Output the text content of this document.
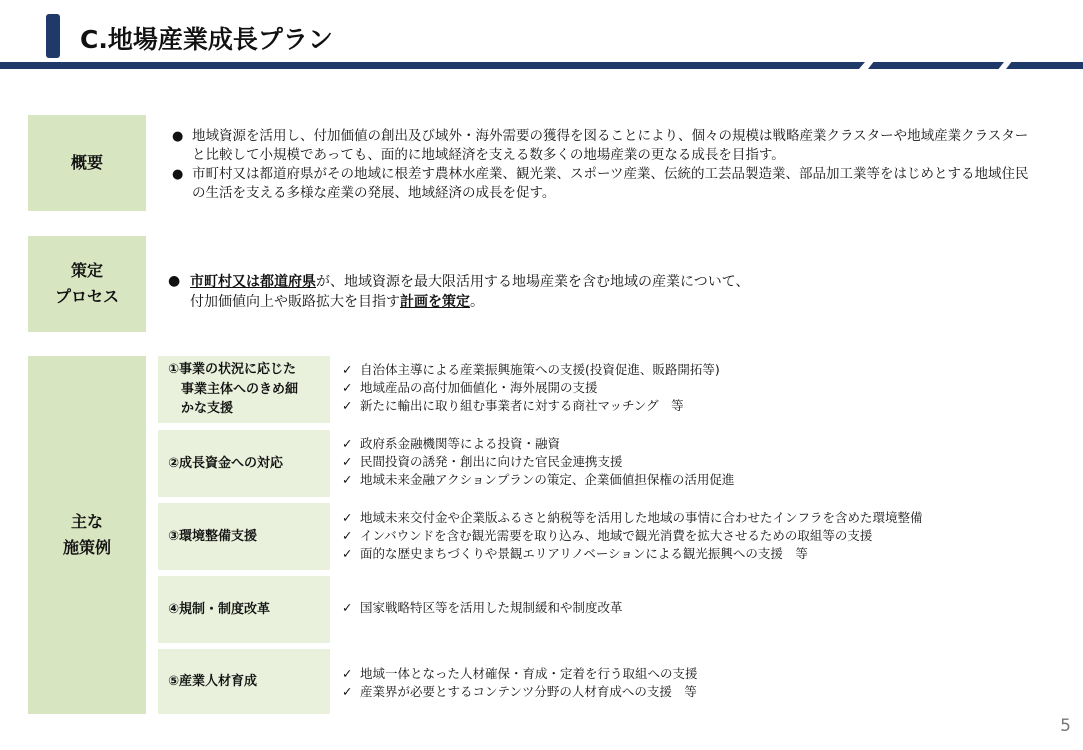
C.地場産業成長プラン
概要
● 地域資源を活用し、付加価値の創出及び域外・海外需要の獲得を図ることにより、個々の規模は戦略産業クラスターや地域産業クラスターと比較して小規模であっても、面的に地域経済を支える数多くの地場産業の更なる成長を目指す。
● 市町村又は都道府県がその地域に根差す農林水産業、観光業、スポーツ産業、伝統的工芸品製造業、部品加工業等をはじめとする地域住民の生活を支える多様な産業の発展、地域経済の成長を促す。
策定
プロセス
● 市町村又は都道府県が、地域資源を最大限活用する地場産業を含む地域の産業について、
付加価値向上や販路拡大を目指す計画を策定。
主な
施策例
①事業の状況に応じた
　事業主体へのきめ細
　かな支援
✓ 自治体主導による産業振興施策への支援(投資促進、販路開拓等)
✓ 地域産品の高付加価値化・海外展開の支援
✓ 新たに輸出に取り組む事業者に対する商社マッチング　等
②成長資金への対応
✓ 政府系金融機関等による投資・融資
✓ 民間投資の誘発・創出に向けた官民金連携支援
✓ 地域未来金融アクションプランの策定、企業価値担保権の活用促進
③環境整備支援
✓ 地域未来交付金や企業版ふるさと納税等を活用した地域の事情に合わせたインフラを含めた環境整備
✓ インバウンドを含む観光需要を取り込み、地域で観光消費を拡大させるための取組等の支援
✓ 面的な歴史まちづくりや景観エリアリノベーションによる観光振興への支援　等
④規制・制度改革	✓ 国家戦略特区等を活用した規制緩和や制度改革
⑤産業人材育成
✓ 地域一体となった人材確保・育成・定着を行う取組への支援
✓ 産業界が必要とするコンテンツ分野の人材育成への支援　等
5
